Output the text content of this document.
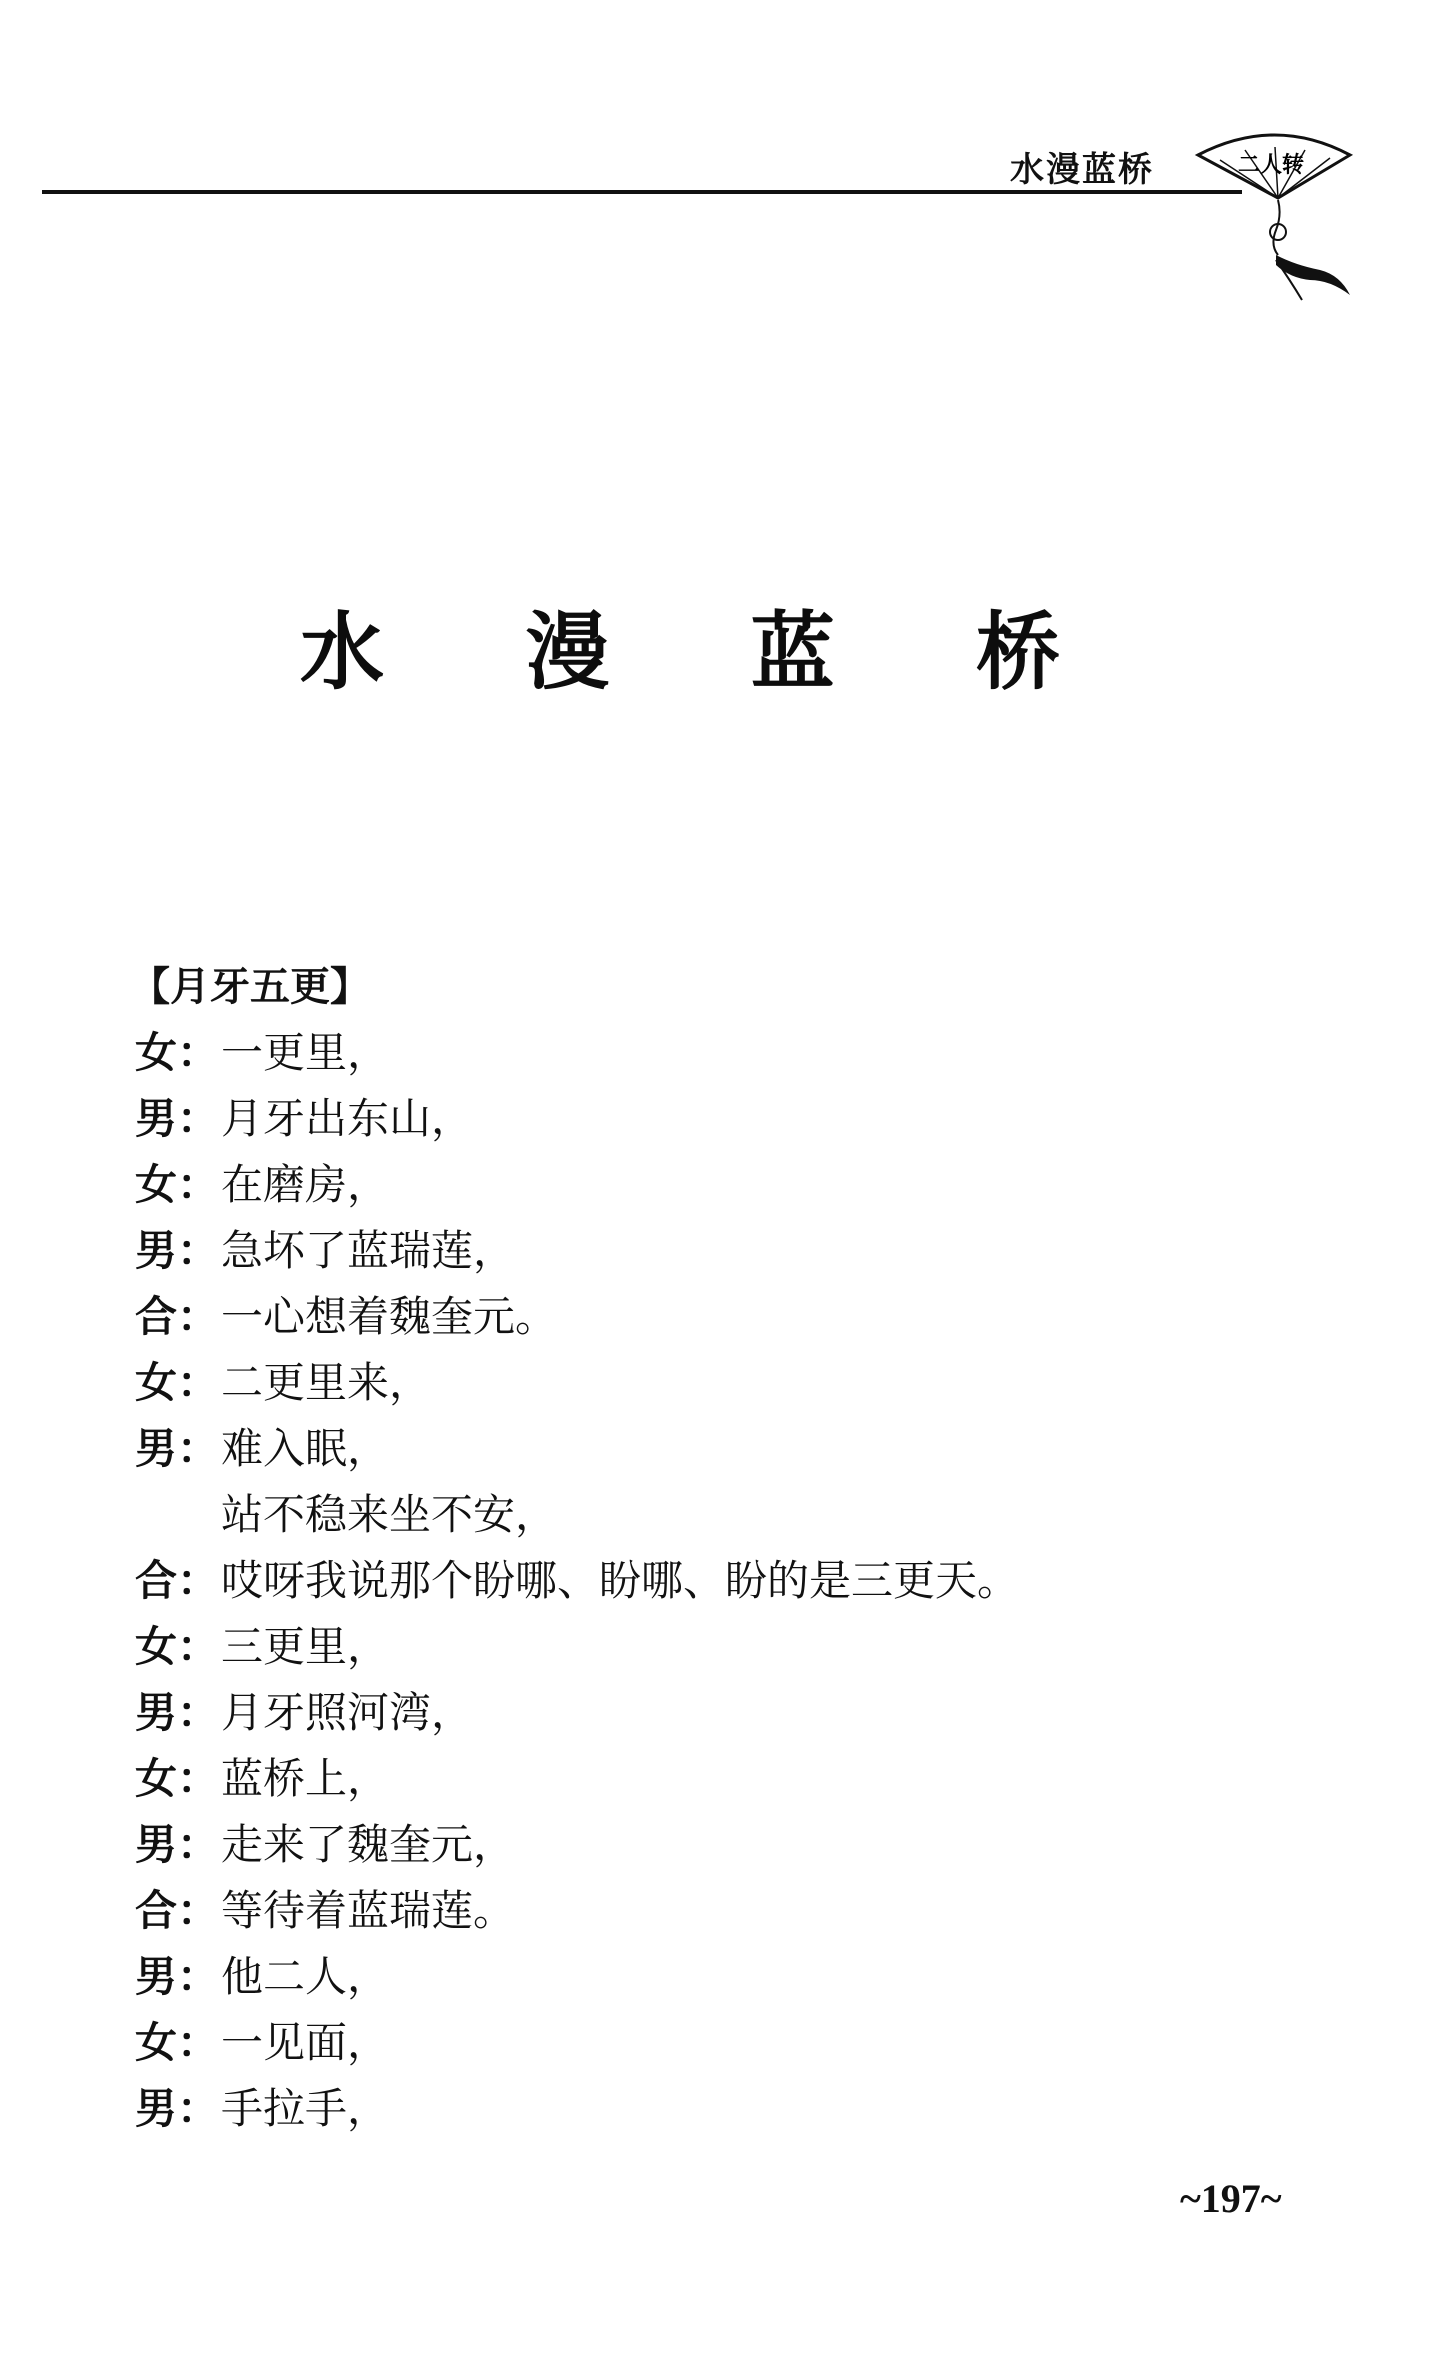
水漫蓝桥	二人转
水 漫 蓝 桥
【月牙五更】
女： 一更里，
男： 月牙出东山，
女： 在磨房，
男： 急坏了蓝瑞莲，
合： 一心想着魏奎元。
女： 二更里来，
男： 难入眠，
站不稳来坐不安，
合： 哎呀我说那个盼哪、盼哪、盼的是三更天。
女： 三更里，
男： 月牙照河湾，
女： 蓝桥上，
男： 走来了魏奎元，
合： 等待着蓝瑞莲。
男： 他二人，
女： 一见面，
男： 手拉手，
~197~
